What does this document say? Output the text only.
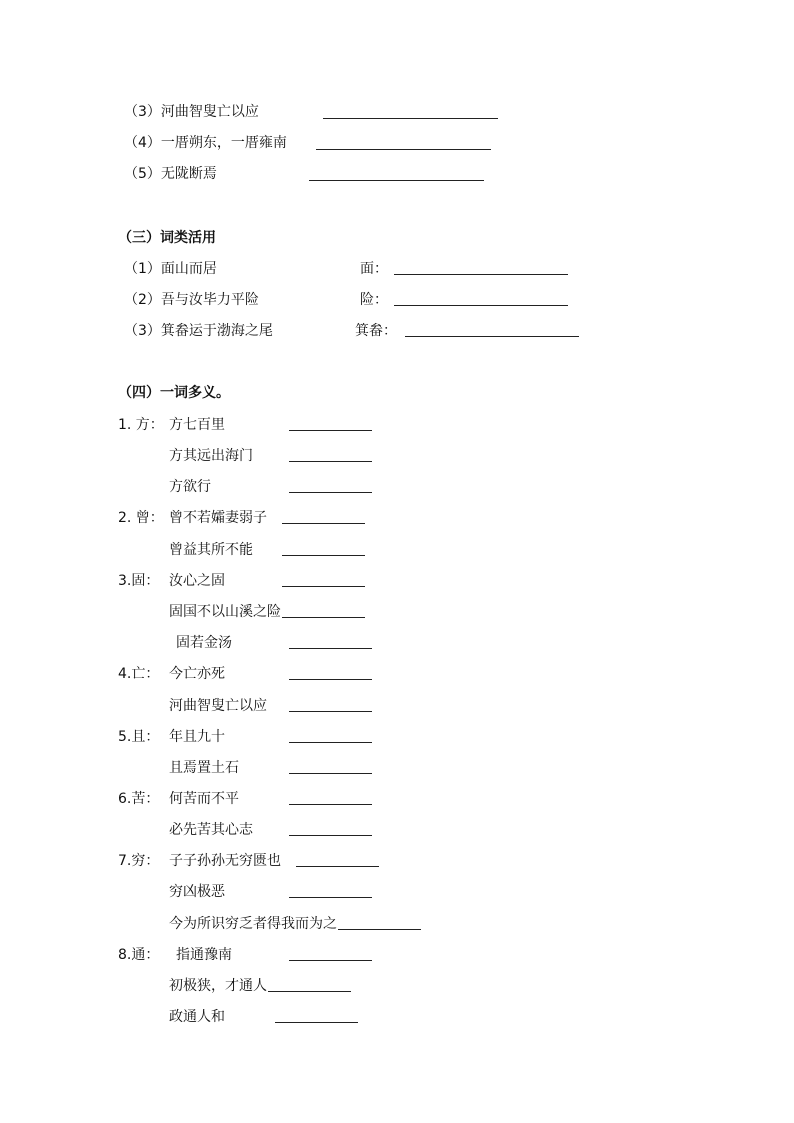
（3）河曲智叟亡以应
（4）一厝朔东，一厝雍南
（5）无陇断焉
（三）词类活用
（1）面山而居	面：
（2）吾与汝毕力平险	险：
（3）箕畚运于渤海之尾	箕畚：
（四）一词多义。
1. 方： 方七百里
方其远出海门
方欲行
2. 曾： 曾不若孀妻弱子
曾益其所不能
3.固： 汝心之固
固国不以山溪之险
固若金汤
4.亡： 今亡亦死
河曲智叟亡以应
5.且： 年且九十
且焉置土石
6.苦： 何苦而不平
必先苦其心志
7.穷： 子子孙孙无穷匮也
穷凶极恶
今为所识穷乏者得我而为之
8.通： 指通豫南
初极狭，才通人
政通人和
